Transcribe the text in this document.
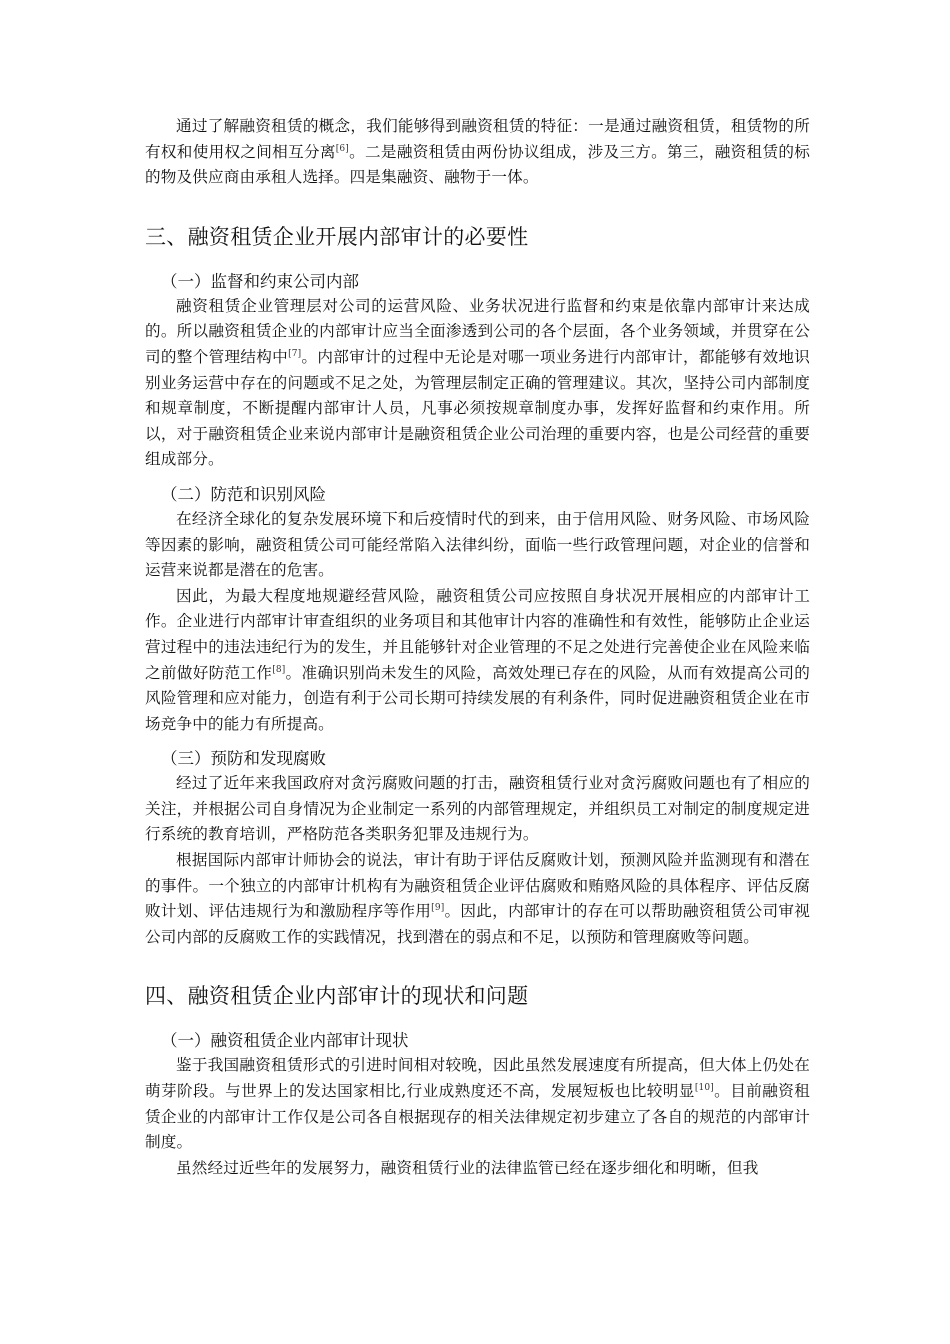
通过了解融资租赁的概念，我们能够得到融资租赁的特征：一是通过融资租赁，租赁物的所有权和使用权之间相互分离[6]。二是融资租赁由两份协议组成，涉及三方。第三，融资租赁的标的物及供应商由承租人选择。四是集融资、融物于一体。

三、融资租赁企业开展内部审计的必要性
（一）监督和约束公司内部

融资租赁企业管理层对公司的运营风险、业务状况进行监督和约束是依靠内部审计来达成的。所以融资租赁企业的内部审计应当全面渗透到公司的各个层面，各个业务领域，并贯穿在公司的整个管理结构中[7]。内部审计的过程中无论是对哪一项业务进行内部审计，都能够有效地识别业务运营中存在的问题或不足之处，为管理层制定正确的管理建议。其次，坚持公司内部制度和规章制度，不断提醒内部审计人员，凡事必须按规章制度办事，发挥好监督和约束作用。所以，对于融资租赁企业来说内部审计是融资租赁企业公司治理的重要内容，也是公司经营的重要组成部分。

（二）防范和识别风险

在经济全球化的复杂发展环境下和后疫情时代的到来，由于信用风险、财务风险、市场风险等因素的影响，融资租赁公司可能经常陷入法律纠纷，面临一些行政管理问题，对企业的信誉和运营来说都是潜在的危害。

因此，为最大程度地规避经营风险，融资租赁公司应按照自身状况开展相应的内部审计工作。企业进行内部审计审查组织的业务项目和其他审计内容的准确性和有效性，能够防止企业运营过程中的违法违纪行为的发生，并且能够针对企业管理的不足之处进行完善使企业在风险来临之前做好防范工作[8]。准确识别尚未发生的风险，高效处理已存在的风险，从而有效提高公司的风险管理和应对能力，创造有利于公司长期可持续发展的有利条件，同时促进融资租赁企业在市场竞争中的能力有所提高。

（三）预防和发现腐败

经过了近年来我国政府对贪污腐败问题的打击，融资租赁行业对贪污腐败问题也有了相应的关注，并根据公司自身情况为企业制定一系列的内部管理规定，并组织员工对制定的制度规定进行系统的教育培训，严格防范各类职务犯罪及违规行为。

根据国际内部审计师协会的说法，审计有助于评估反腐败计划，预测风险并监测现有和潜在的事件。一个独立的内部审计机构有为融资租赁企业评估腐败和贿赂风险的具体程序、评估反腐败计划、评估违规行为和激励程序等作用[9]。因此，内部审计的存在可以帮助融资租赁公司审视公司内部的反腐败工作的实践情况，找到潜在的弱点和不足，以预防和管理腐败等问题。

四、融资租赁企业内部审计的现状和问题
（一）融资租赁企业内部审计现状

鉴于我国融资租赁形式的引进时间相对较晚，因此虽然发展速度有所提高，但大体上仍处在萌芽阶段。与世界上的发达国家相比,行业成熟度还不高，发展短板也比较明显[10]。目前融资租赁企业的内部审计工作仅是公司各自根据现存的相关法律规定初步建立了各自的规范的内部审计制度。

虽然经过近些年的发展努力，融资租赁行业的法律监管已经在逐步细化和明晰，但我
